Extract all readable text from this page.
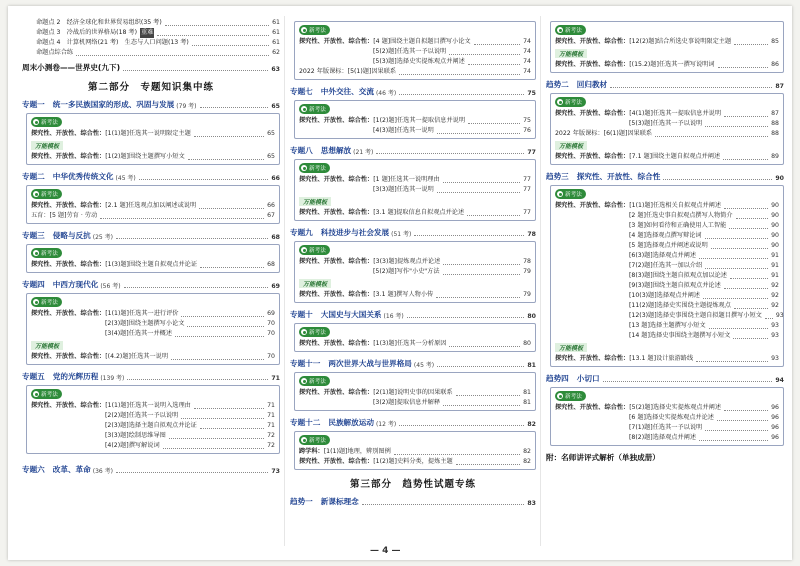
命题点 2　经济全球化和世界贸易组织(35 考)	61
命题点 3　冷战后的世界格局(18 考) 重难	61
命题点 4　计算机网络(21 考)　生态与人口问题(13 考)	61
命题点综合练	62
周末小测卷——世界史(九下)	63
第二部分　专题知识集中练
专题一 统一多民族国家的形成、巩固与发展 (79 考)	65
新考法
探究性、开放性、综合性： [1(1)题]任选其一说明限定主题	65
万能模板
探究性、开放性、综合性： [1(2)题]围绕主题撰写小短文	65
专题二 中华优秀传统文化 (45 考)	66
新考法
探究性、开放性、综合性： [2.1 题]任选观点加以阐述或说明	66
五育：[5 题]劳育 · 劳动	67
专题三 侵略与反抗 (25 考)	68
新考法
探究性、开放性、综合性： [1(3)题]围绕主题自拟观点并论证	68
专题四 中西方现代化 (56 考)	69
新考法
探究性、开放性、综合性： [1(1)题]任选其一进行评价	69
[2(3)题]围绕主题撰写小论文	70
[3(4)题]任选其一并概述	70
万能模板
探究性、开放性、综合性： [(4.2)题]任选其一说明	70
专题五 党的光辉历程 (139 考)	71
新考法
探究性、开放性、综合性： [1(1)题]任选其一说明入选理由	71
[2(2)题]任选其一予以说明	71
[2(3)题]选择主题自拟观点并论证	71
[3(3)题]绘制思维导图	72
[4(2)题]撰写解说词	72
专题六 改革、革命 (36 考)	73
新考法
探究性、开放性、综合性： [4 题]围绕主题自拟题目撰写小论文	74
[5(2)题]任选其一予以说明	74
[5(3)题]选择史实提炼观点并阐述	74
2022 年版课标：[5(1)题]因果联系	74
专题七 中外交往、交流 (46 考)	75
新考法
探究性、开放性、综合性： [1(2)题]任选其一提取信息并说明	75
[4(3)题]任选其一说明	76
专题八 思想解放 (21 考)	77
新考法
探究性、开放性、综合性： [1 题]任选其一说明理由	77
[3(3)题]任选其一说明	77
万能模板
探究性、开放性、综合性： [3.1 题]提取信息自拟观点并论述	77
专题九 科技进步与社会发展 (51 考)	78
新考法
探究性、开放性、综合性： [3(3)题]提炼观点并论述	78
[5(2)题]写作"小史"方法	79
万能模板
探究性、开放性、综合性： [3.1 题]撰写人物小传	79
专题十 大国史与大国关系 (16 考)	80
新考法
探究性、开放性、综合性： [1(3)题]任选其一分析原因	80
专题十一 两次世界大战与世界格局 (45 考)	81
新考法
探究性、开放性、综合性： [2(1)题]说明史事的因果联系	81
[3(2)题]提取信息并解释	81
专题十二 民族解放运动 (12 考)	82
新考法
跨学科： [1(1)题]地理，辨别图例	82
探究性、开放性、综合性： [1(2)题]史料分类，提炼主题	82
第三部分　趋势性试题专练
趋势一 新课标理念	83
新考法
探究性、开放性、综合性： [12(2)题]结合所选史事说明限定主题	85
万能模板
探究性、开放性、综合性： [(15.2)题]任选其一撰写说明词	86
趋势二 回归教材	87
新考法
探究性、开放性、综合性： [4(1)题]任选其一提取信息并说明	87
[5(3)题]任选其一予以说明	88
2022 年版课标：[6(1)题]因果联系	88
万能模板
探究性、开放性、综合性： [7.1 题]围绕主题自拟观点并阐述	89
趋势三 探究性、开放性、综合性	90
新考法
探究性、开放性、综合性： [1(1)题]任选相关自拟观点并阐述	90
[2 题]任选史事自拟观点撰写人物简介	90
[3 题]如何看待和正确使用人工智能	90
[4 题]选择观点撰写辩论词	90
[5 题]选择观点并阐述或说明	90
[6(3)题]选择观点并阐述	91
[7(2)题]任选其一加以介绍	91
[8(3)题]围绕主题自拟观点加以论述	91
[9(3)题]围绕主题自拟观点并论述	92
[10(3)题]选择观点并阐述	92
[11(2)题]选择史实围绕主题提炼观点	92
[12(3)题]选择史事围绕主题自拟题目撰写小短文 93
[13 题]选择主题撰写小短文	93
[14 题]选择史事围绕主题撰写小短文	93
万能模板
探究性、开放性、综合性： [13.1 题]设计旅游路线	93
趋势四 小切口	94
新考法
探究性、开放性、综合性： [5(2)题]选择史实提炼观点并阐述	96
[6 题]选择史实提炼观点并论述	96
[7(1)题]任选其一予以说明	96
[8(2)题]选择观点并阐述	96
附：名师讲评式解析（单独成册）
— 4 —
